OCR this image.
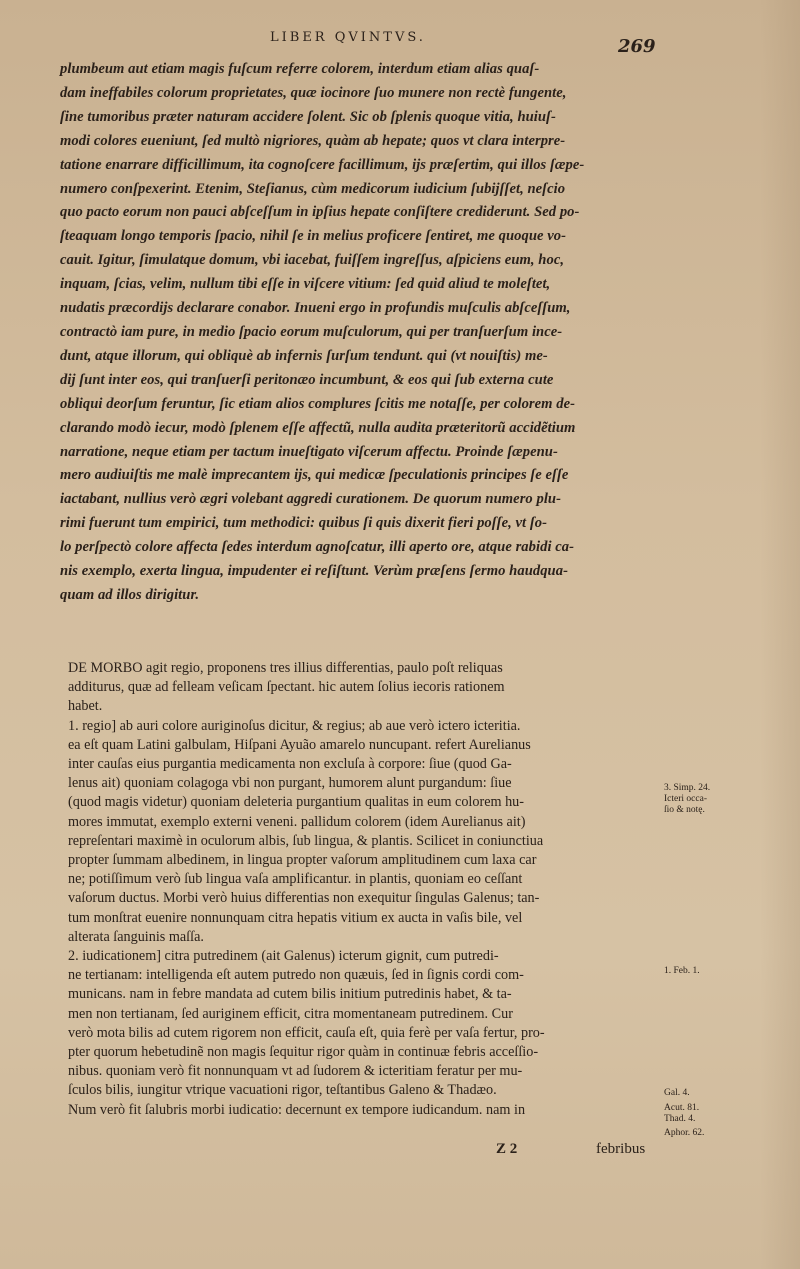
LIBER QVINTVS.	269
plumbeum aut etiam magis fuſcum referre colorem, interdum etiam alias quaſ-
dam ineffabiles colorum proprietates, quæ iocinore ſuo munere non rectè fungente,
ſine tumoribus præter naturam accidere ſolent. Sic ob ſplenis quoque vitia, huiuſ-
modi colores eueniunt, ſed multò nigriores, quàm ab hepate; quos vt clara interpre-
tatione enarrare difficillimum, ita cognoſcere facillimum, ijs præſertim, qui illos ſæpe-
numero conſpexerint. Etenim, Steſianus, cùm medicorum iudicium ſubijſſet, neſcio
quo pacto eorum non pauci abſceſſum in ipſius hepate conſiſtere crediderunt. Sed po-
ſteaquam longo temporis ſpacio, nihil ſe in melius proficere ſentiret, me quoque vo-
cauit. Igitur, ſimulatque domum, vbi iacebat, fuiſſem ingreſſus, aſpiciens eum, hoc,
inquam, ſcias, velim, nullum tibi eſſe in viſcere vitium: ſed quid aliud te moleſtet,
nudatis præcordijs declarare conabor. Inueni ergo in profundis muſculis abſceſſum,
contractò iam pure, in medio ſpacio eorum muſculorum, qui per tranſuerſum ince-
dunt, atque illorum, qui obliquè ab infernis ſurſum tendunt. qui (vt nouiſtis) me-
dij ſunt inter eos, qui tranſuerſi peritonæo incumbunt, & eos qui ſub externa cute
obliqui deorſum feruntur, ſic etiam alios complures ſcitis me notaſſe, per colorem de-
clarando modò iecur, modò ſplenem eſſe affectũ, nulla audita præteritorũ accidẽtium
narratione, neque etiam per tactum inueſtigato viſcerum affectu. Proinde ſæpenu-
mero audiuiſtis me malè imprecantem ijs, qui medicæ ſpeculationis principes ſe eſſe
iactabant, nullius verò ægri volebant aggredi curationem. De quorum numero plu-
rimi fuerunt tum empirici, tum methodici: quibus ſi quis dixerit fieri poſſe, vt ſo-
lo perſpectò colore affecta ſedes interdum agnoſcatur, illi aperto ore, atque rabidi ca-
nis exemplo, exerta lingua, impudenter ei reſiſtunt. Verùm præſens ſermo haudqua-
quam ad illos dirigitur.
DE MORBO agit regio, proponens tres illius differentias, paulo poſt reliquas
additurus, quæ ad felleam veſicam ſpectant. hic autem ſolius iecoris rationem
habet.
1. regio] ab auri colore auriginoſus dicitur, & regius; ab aue verò ictero icteritia.
ea eſt quam Latini galbulam, Hiſpani Ayuão amarelo nuncupant. refert Aurelianus
inter cauſas eius purgantia medicamenta non excluſa à corpore: ſiue (quod Ga-
lenus ait) quoniam colagoga vbi non purgant, humorem alunt purgandum: ſiue
(quod magis videtur) quoniam deleteria purgantium qualitas in eum colorem hu-
mores immutat, exemplo externi veneni. pallidum colorem (idem Aurelianus ait)
repreſentari maximè in oculorum albis, ſub lingua, & plantis. Scilicet in coniunctiua
propter ſummam albedinem, in lingua propter vaſorum amplitudinem cum laxa car
ne; potiſſimum verò ſub lingua vaſa amplificantur. in plantis, quoniam eo ceſſant
vaſorum ductus. Morbi verò huius differentias non exequitur ſingulas Galenus; tan-
tum monſtrat euenire nonnunquam citra hepatis vitium ex aucta in vaſis bile, vel
alterata ſanguinis maſſa.
2. iudicationem] citra putredinem (ait Galenus) icterum gignit, cum putredi-
ne tertianam: intelligenda eſt autem putredo non quæuis, ſed in ſignis cordi com-
municans. nam in febre mandata ad cutem bilis initium putredinis habet, & ta-
men non tertianam, ſed auriginem efficit, citra momentaneam putredinem. Cur
verò mota bilis ad cutem rigorem non efficit, cauſa eſt, quia ferè per vaſa fertur, pro-
pter quorum hebetudinẽ non magis ſequitur rigor quàm in continuæ febris acceſſio-
nibus. quoniam verò fit nonnunquam vt ad ſudorem & icteritiam feratur per mu-
ſculos bilis, iungitur vtrique vacuationi rigor, teſtantibus Galeno & Thadæo.
Num verò fit ſalubris morbi iudicatio: decernunt ex tempore iudicandum. nam in
3. Simp. 24.
Icteri occa-
ſio & notę.
1. Feb. 1.
Gal. 4.
Acut. 81.
Thad. 4.
Aphor. 62.
Z 2	febribus
